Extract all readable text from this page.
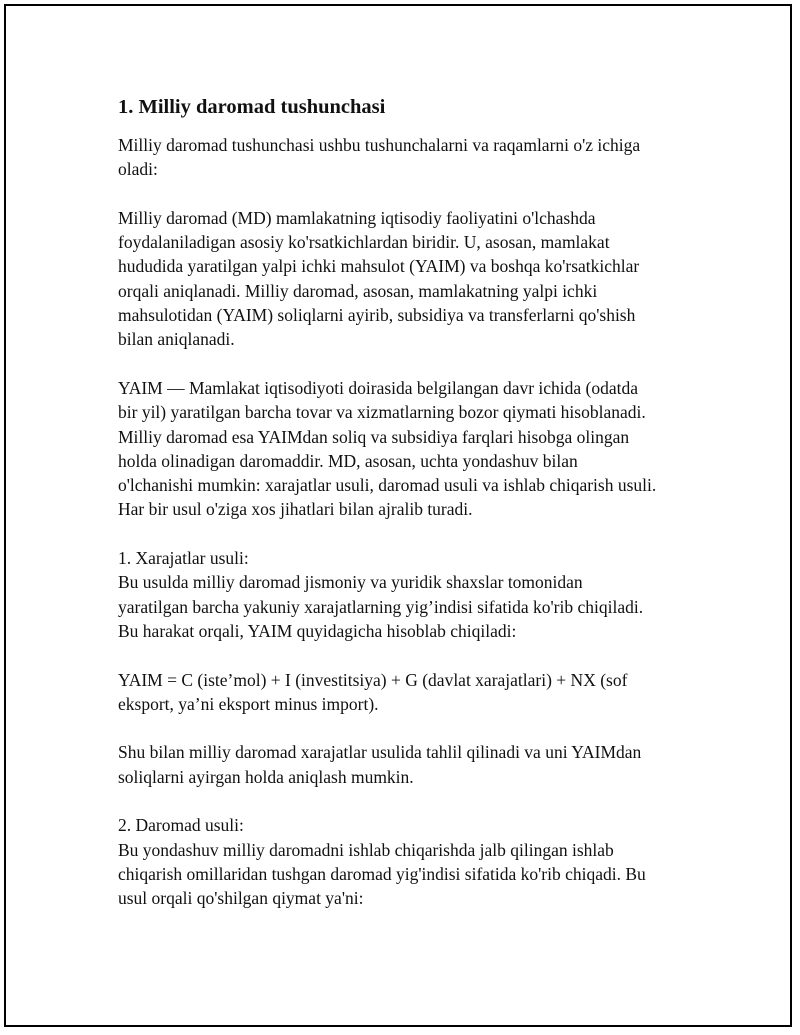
1. Milliy daromad tushunchasi

Milliy daromad tushunchasi ushbu tushunchalarni va raqamlarni o'z ichiga
oladi:

Milliy daromad (MD) mamlakatning iqtisodiy faoliyatini o'lchashda
foydalaniladigan asosiy ko'rsatkichlardan biridir. U, asosan, mamlakat
hududida yaratilgan yalpi ichki mahsulot (YAIM) va boshqa ko'rsatkichlar
orqali aniqlanadi. Milliy daromad, asosan, mamlakatning yalpi ichki
mahsulotidan (YAIM) soliqlarni ayirib, subsidiya va transferlarni qo'shish
bilan aniqlanadi.

YAIM — Mamlakat iqtisodiyoti doirasida belgilangan davr ichida (odatda
bir yil) yaratilgan barcha tovar va xizmatlarning bozor qiymati hisoblanadi.
Milliy daromad esa YAIMdan soliq va subsidiya farqlari hisobga olingan
holda olinadigan daromaddir. MD, asosan, uchta yondashuv bilan
o'lchanishi mumkin: xarajatlar usuli, daromad usuli va ishlab chiqarish usuli.
Har bir usul o'ziga xos jihatlari bilan ajralib turadi.

1. Xarajatlar usuli:
Bu usulda milliy daromad jismoniy va yuridik shaxslar tomonidan
yaratilgan barcha yakuniy xarajatlarning yig’indisi sifatida ko'rib chiqiladi.
Bu harakat orqali, YAIM quyidagicha hisoblab chiqiladi:

YAIM = C (iste’mol) + I (investitsiya) + G (davlat xarajatlari) + NX (sof
eksport, ya’ni eksport minus import).

Shu bilan milliy daromad xarajatlar usulida tahlil qilinadi va uni YAIMdan
soliqlarni ayirgan holda aniqlash mumkin.

2. Daromad usuli:
Bu yondashuv milliy daromadni ishlab chiqarishda jalb qilingan ishlab
chiqarish omillaridan tushgan daromad yig'indisi sifatida ko'rib chiqadi. Bu
usul orqali qo'shilgan qiymat ya'ni:
